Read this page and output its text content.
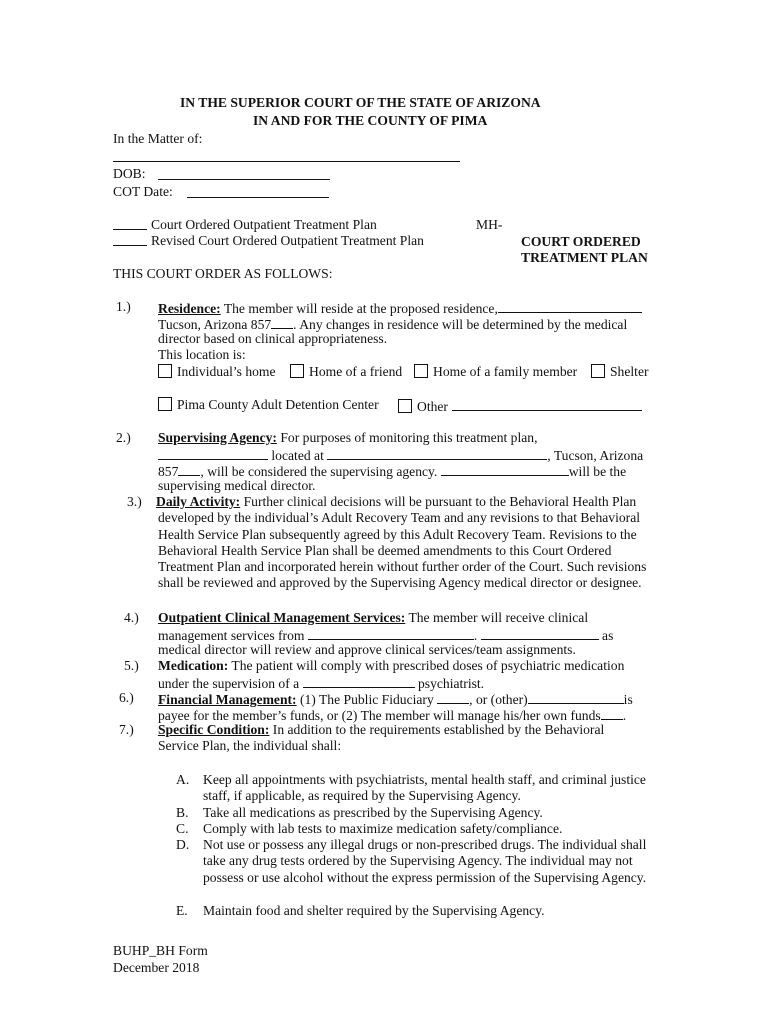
IN THE SUPERIOR COURT OF THE STATE OF ARIZONA
IN AND FOR THE COUNTY OF PIMA
In the Matter of:
DOB:
COT Date:
Court Ordered Outpatient Treatment Plan
Revised Court Ordered Outpatient Treatment Plan
MH-
COURT ORDERED
TREATMENT PLAN
THIS COURT ORDER AS FOLLOWS:
1.) Residence: The member will reside at the proposed residence,
Tucson, Arizona 857 . Any changes in residence will be determined by the medical
director based on clinical appropriateness.
This location is:
Individual’s home	Home of a friend	Home of a family member	Shelter
Pima County Adult Detention Center	Other
2.) Supervising Agency: For purposes of monitoring this treatment plan,
located at	, Tucson, Arizona
857 , will be considered the supervising agency.	will be the
supervising medical director.
3.) Daily Activity: Further clinical decisions will be pursuant to the Behavioral Health Plan developed by the individual’s Adult Recovery Team and any revisions to that Behavioral Health Service Plan subsequently agreed by this Adult Recovery Team. Revisions to the Behavioral Health Service Plan shall be deemed amendments to this Court Ordered Treatment Plan and incorporated herein without further order of the Court. Such revisions shall be reviewed and approved by the Supervising Agency medical director or designee.
4.) Outpatient Clinical Management Services: The member will receive clinical
management services from	.	as
medical director will review and approve clinical services/team assignments.
5.) Medication: The patient will comply with prescribed doses of psychiatric medication
under the supervision of a	psychiatrist.
6.) Financial Management: (1) The Public Fiduciary , or (other)	is
payee for the member’s funds, or (2) The member will manage his/her own funds .
7.) Specific Condition: In addition to the requirements established by the Behavioral
Service Plan, the individual shall:
A. Keep all appointments with psychiatrists, mental health staff, and criminal justice staff, if applicable, as required by the Supervising Agency.
B. Take all medications as prescribed by the Supervising Agency.
C. Comply with lab tests to maximize medication safety/compliance.
D. Not use or possess any illegal drugs or non-prescribed drugs. The individual shall take any drug tests ordered by the Supervising Agency. The individual may not possess or use alcohol without the express permission of the Supervising Agency.
E. Maintain food and shelter required by the Supervising Agency.
BUHP_BH Form
December 2018
